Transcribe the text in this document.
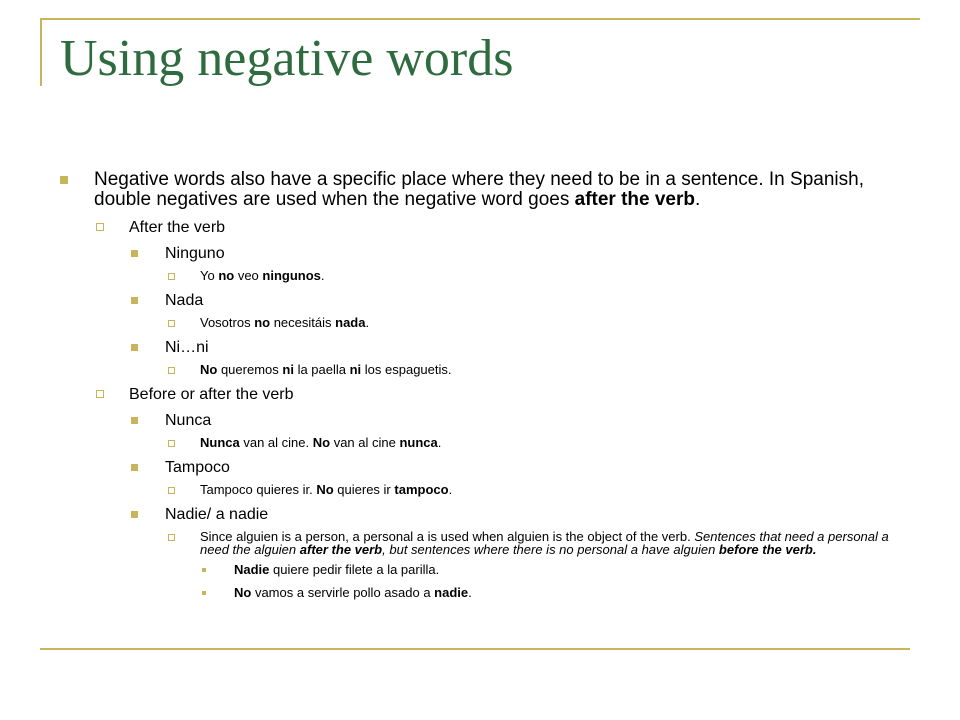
Using negative words
Negative words also have a specific place where they need to be in a sentence. In Spanish, double negatives are used when the negative word goes after the verb.
After the verb
Ninguno
Yo no veo ningunos.
Nada
Vosotros no necesitáis nada.
Ni…ni
No queremos ni la paella ni los espaguetis.
Before or after the verb
Nunca
Nunca van al cine. No van al cine nunca.
Tampoco
Tampoco quieres ir. No quieres ir tampoco.
Nadie/ a nadie
Since alguien is a person, a personal a is used when alguien is the object of the verb. Sentences that need a personal a need the alguien after the verb, but sentences where there is no personal a have alguien before the verb.
Nadie quiere pedir filete a la parilla.
No vamos a servirle pollo asado a nadie.
